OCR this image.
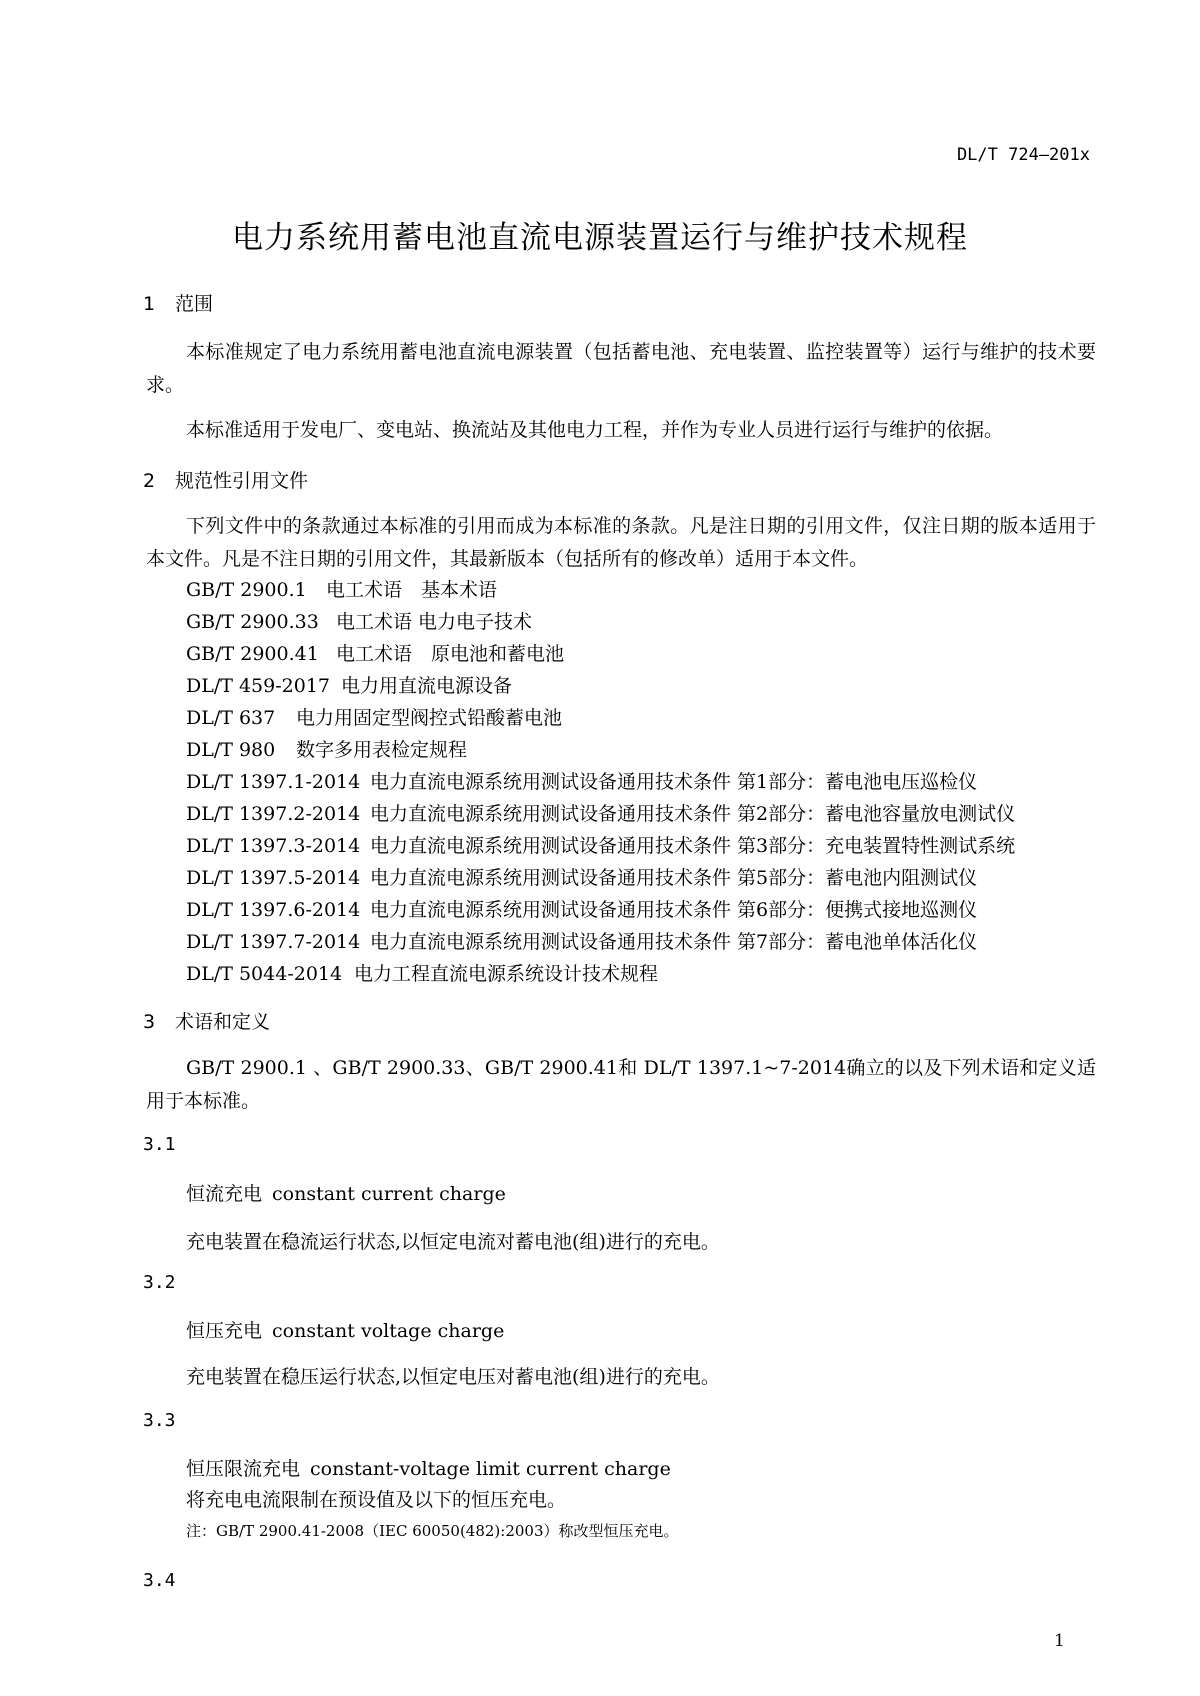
DL/T 724—201x
电力系统用蓄电池直流电源装置运行与维护技术规程
1 范围
本标准规定了电力系统用蓄电池直流电源装置（包括蓄电池、充电装置、监控装置等）运行与维护的技术要求。
本标准适用于发电厂、变电站、换流站及其他电力工程，并作为专业人员进行运行与维护的依据。
2 规范性引用文件
下列文件中的条款通过本标准的引用而成为本标准的条款。凡是注日期的引用文件，仅注日期的版本适用于本文件。凡是不注日期的引用文件，其最新版本（包括所有的修改单）适用于本文件。
GB/T 2900.1 电工术语　基本术语
GB/T 2900.33 电工术语 电力电子技术
GB/T 2900.41 电工术语　原电池和蓄电池
DL/T 459-2017 电力用直流电源设备
DL/T 637 电力用固定型阀控式铅酸蓄电池
DL/T 980 数字多用表检定规程
DL/T 1397.1-2014 电力直流电源系统用测试设备通用技术条件 第1部分：蓄电池电压巡检仪
DL/T 1397.2-2014 电力直流电源系统用测试设备通用技术条件 第2部分：蓄电池容量放电测试仪
DL/T 1397.3-2014 电力直流电源系统用测试设备通用技术条件 第3部分：充电装置特性测试系统
DL/T 1397.5-2014 电力直流电源系统用测试设备通用技术条件 第5部分：蓄电池内阻测试仪
DL/T 1397.6-2014 电力直流电源系统用测试设备通用技术条件 第6部分：便携式接地巡测仪
DL/T 1397.7-2014 电力直流电源系统用测试设备通用技术条件 第7部分：蓄电池单体活化仪
DL/T 5044-2014 电力工程直流电源系统设计技术规程
3 术语和定义
GB/T 2900.1 、GB/T 2900.33、GB/T 2900.41和 DL/T 1397.1~7-2014确立的以及下列术语和定义适用于本标准。
3.1
恒流充电 constant current charge
充电装置在稳流运行状态,以恒定电流对蓄电池(组)进行的充电。
3.2
恒压充电 constant voltage charge
充电装置在稳压运行状态,以恒定电压对蓄电池(组)进行的充电。
3.3
恒压限流充电 constant-voltage limit current charge
将充电电流限制在预设值及以下的恒压充电。
注：GB/T 2900.41-2008（IEC 60050(482):2003）称改型恒压充电。
3.4
1
